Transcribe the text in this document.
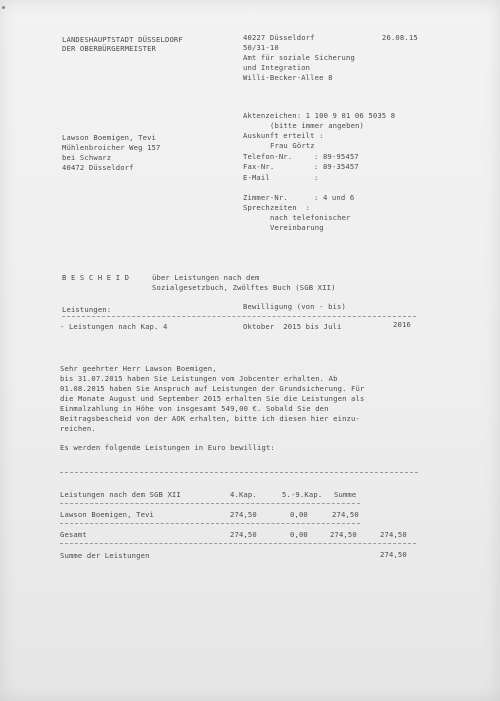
LANDESHAUPTSTADT DÜSSELDORF
DER OBERBÜRGERMEISTER
40227 Düsseldorf	26.08.15
50/31-10
Amt für soziale Sicherung
und Integration
Willi-Becker-Allee 8
Aktenzeichen: 1 100 9 01 06 5035 8
(bitte immer angeben)
Auskunft erteilt :
Frau Görtz
Telefon-Nr.	: 89-95457
Fax-Nr.	: 89-35457
E-Mail	:
Zimmer-Nr.	: 4 und 6
Sprechzeiten  :
nach telefonischer
Vereinbarung
Lawson Boemigen, Tevi
Mühlenbroicher Weg 157
bei Schwarz
40472 Düsseldorf
B E S C H E I D	über Leistungen nach dem
Sozialgesetzbuch, Zwölftes Buch (SGB XII)
Leistungen:	Bewilligung (von - bis)
- Leistungen nach Kap. 4	Oktober  2015 bis Juli	2016
Sehr geehrter Herr Lawson Boemigen,
bis 31.07.2015 haben Sie Leistungen vom Jobcenter erhalten. Ab
01.08.2015 haben Sie Anspruch auf Leistungen der Grundsicherung. Für
die Monate August und September 2015 erhalten Sie die Leistungen als
Einmalzahlung in Höhe von insgesamt 549,00 €. Sobald Sie den
Beitragsbescheid von der AOK erhalten, bitte ich diesen hier einzu-
reichen.
Es werden folgende Leistungen in Euro bewilligt:
Leistungen nach dem SGB XII	4.Kap.	5.-9.Kap. Summe
Lawson Boemigen, Tevi	274,50	0,00	274,50
Gesamt	274,50	0,00	274,50	274,50
Summe der Leistungen	274,50
